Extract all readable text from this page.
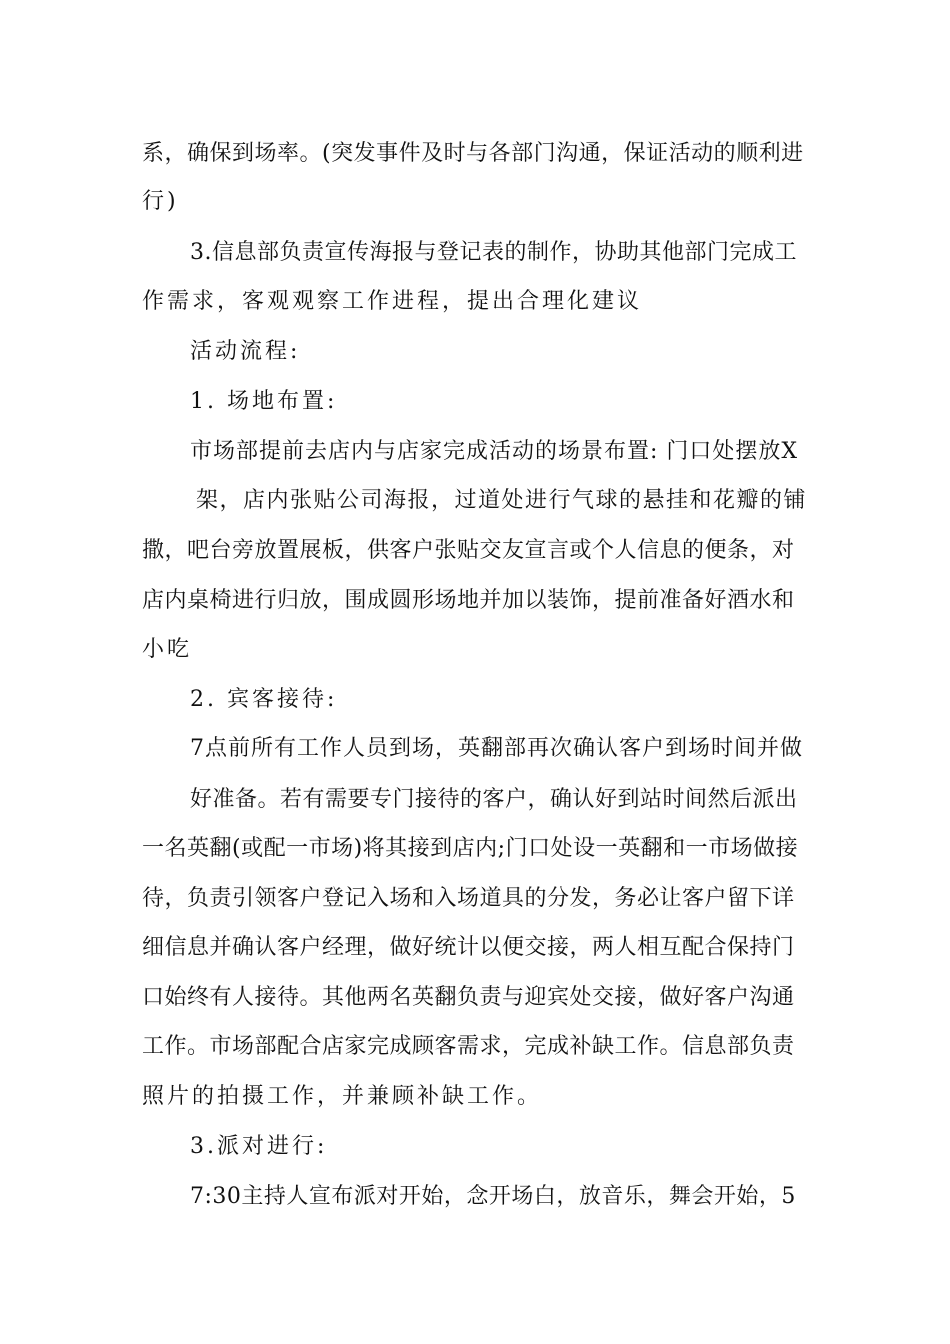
系，确保到场率。(突发事件及时与各部门沟通，保证活动的顺利进
行)
3.信息部负责宣传海报与登记表的制作，协助其他部门完成工
作需求，客观观察工作进程，提出合理化建议
活动流程:
1. 场地布置:
市场部提前去店内与店家完成活动的场景布置: 门口处摆放X
架，店内张贴公司海报，过道处进行气球的悬挂和花瓣的铺
撒，吧台旁放置展板，供客户张贴交友宣言或个人信息的便条，对
店内桌椅进行归放，围成圆形场地并加以装饰，提前准备好酒水和
小吃
2. 宾客接待:
7点前所有工作人员到场，英翻部再次确认客户到场时间并做
好准备。若有需要专门接待的客户，确认好到站时间然后派出
一名英翻(或配一市场)将其接到店内;门口处设一英翻和一市场做接
待，负责引领客户登记入场和入场道具的分发，务必让客户留下详
细信息并确认客户经理，做好统计以便交接，两人相互配合保持门
口始终有人接待。其他两名英翻负责与迎宾处交接，做好客户沟通
工作。市场部配合店家完成顾客需求，完成补缺工作。信息部负责
照片的拍摄工作，并兼顾补缺工作。
3.派对进行:
7:30主持人宣布派对开始，念开场白，放音乐，舞会开始，5
